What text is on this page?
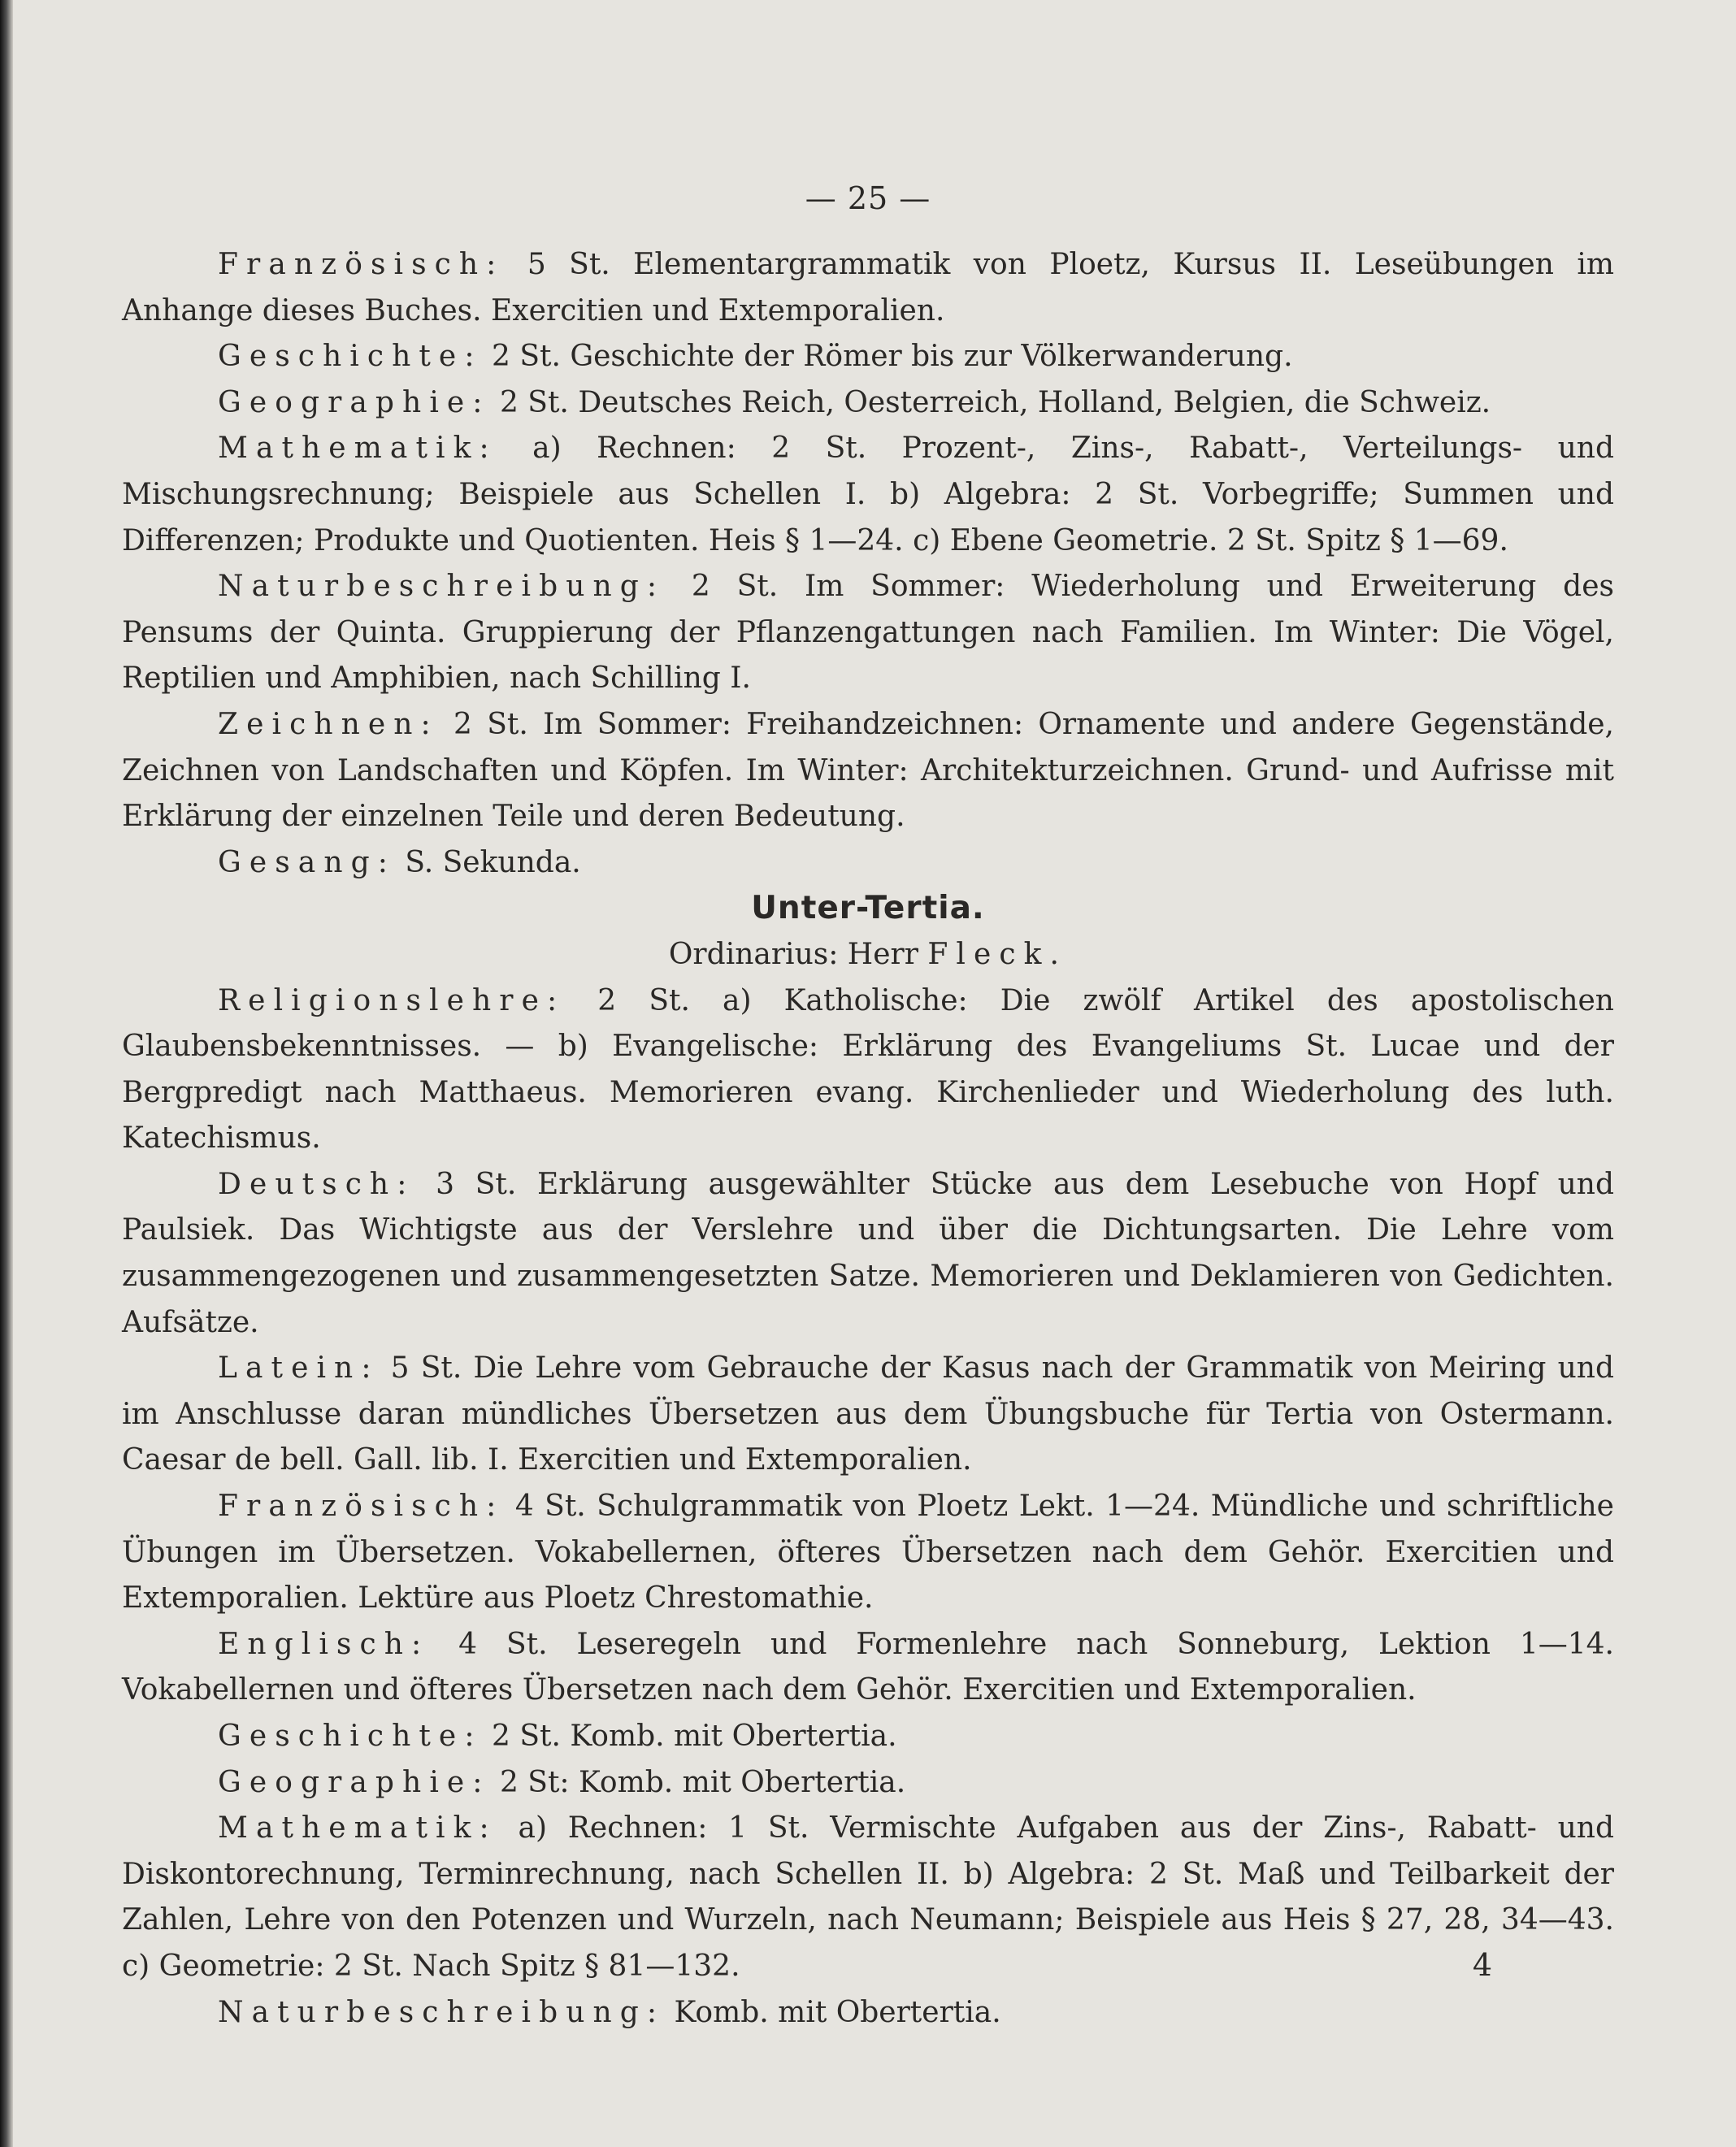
— 25 —

Französisch: 5 St. Elementargrammatik von Ploetz, Kursus II. Leseübungen im Anhange dieses Buches. Exercitien und Extemporalien.

Geschichte: 2 St. Geschichte der Römer bis zur Völkerwanderung.

Geographie: 2 St. Deutsches Reich, Oesterreich, Holland, Belgien, die Schweiz.

Mathematik: a) Rechnen: 2 St. Prozent-, Zins-, Rabatt-, Verteilungs- und Mischungsrechnung; Beispiele aus Schellen I. b) Algebra: 2 St. Vorbegriffe; Summen und Differenzen; Produkte und Quotienten. Heis § 1—24. c) Ebene Geometrie. 2 St. Spitz § 1—69.

Naturbeschreibung: 2 St. Im Sommer: Wiederholung und Erweiterung des Pensums der Quinta. Gruppierung der Pflanzengattungen nach Familien. Im Winter: Die Vögel, Reptilien und Amphibien, nach Schilling I.

Zeichnen: 2 St. Im Sommer: Freihandzeichnen: Ornamente und andere Gegenstände, Zeichnen von Landschaften und Köpfen. Im Winter: Architekturzeichnen. Grund- und Aufrisse mit Erklärung der einzelnen Teile und deren Bedeutung.

Gesang: S. Sekunda.

Unter-Tertia.

Ordinarius: Herr Fleck.

Religionslehre: 2 St. a) Katholische: Die zwölf Artikel des apostolischen Glaubensbekenntnisses. — b) Evangelische: Erklärung des Evangeliums St. Lucae und der Bergpredigt nach Matthaeus. Memorieren evang. Kirchenlieder und Wiederholung des luth. Katechismus.

Deutsch: 3 St. Erklärung ausgewählter Stücke aus dem Lesebuche von Hopf und Paulsiek. Das Wichtigste aus der Verslehre und über die Dichtungsarten. Die Lehre vom zusammengezogenen und zusammengesetzten Satze. Memorieren und Deklamieren von Gedichten. Aufsätze.

Latein: 5 St. Die Lehre vom Gebrauche der Kasus nach der Grammatik von Meiring und im Anschlusse daran mündliches Übersetzen aus dem Übungsbuche für Tertia von Ostermann. Caesar de bell. Gall. lib. I. Exercitien und Extemporalien.

Französisch: 4 St. Schulgrammatik von Ploetz Lekt. 1—24. Mündliche und schriftliche Übungen im Übersetzen. Vokabellernen, öfteres Übersetzen nach dem Gehör. Exercitien und Extemporalien. Lektüre aus Ploetz Chrestomathie.

Englisch: 4 St. Leseregeln und Formenlehre nach Sonneburg, Lektion 1—14. Vokabellernen und öfteres Übersetzen nach dem Gehör. Exercitien und Extemporalien.

Geschichte: 2 St. Komb. mit Obertertia.

Geographie: 2 St: Komb. mit Obertertia.

Mathematik: a) Rechnen: 1 St. Vermischte Aufgaben aus der Zins-, Rabatt- und Diskontorechnung, Terminrechnung, nach Schellen II. b) Algebra: 2 St. Maß und Teilbarkeit der Zahlen, Lehre von den Potenzen und Wurzeln, nach Neumann; Beispiele aus Heis § 27, 28, 34—43. c) Geometrie: 2 St. Nach Spitz § 81—132.

Naturbeschreibung: Komb. mit Obertertia.

4
